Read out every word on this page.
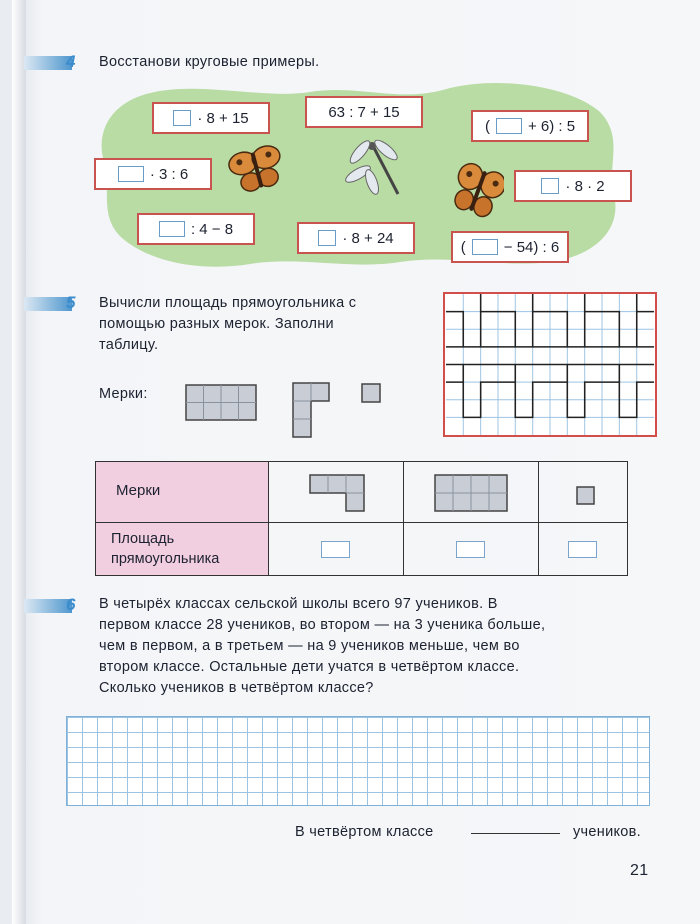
4 Восстанови круговые примеры.
· 8 + 15	63 : 7 + 15
(	+ 6) : 5
· 3 : 6
· 8 · 2
: 4 − 8
· 8 + 24
(	− 54) : 6
5 Вычисли площадь прямоугольника с
помощью разных мерок. Заполни
таблицу.
Мерки:
Мерки
Площадь
прямоугольника
6 В четырёх классах сельской школы всего 97 учеников. В
первом классе 28 учеников, во втором — на 3 ученика больше,
чем в первом, а в третьем — на 9 учеников меньше, чем во
втором классе. Остальные дети учатся в четвёртом классе.
Сколько учеников в четвёртом классе?
В четвёртом классе	учеников.
21
